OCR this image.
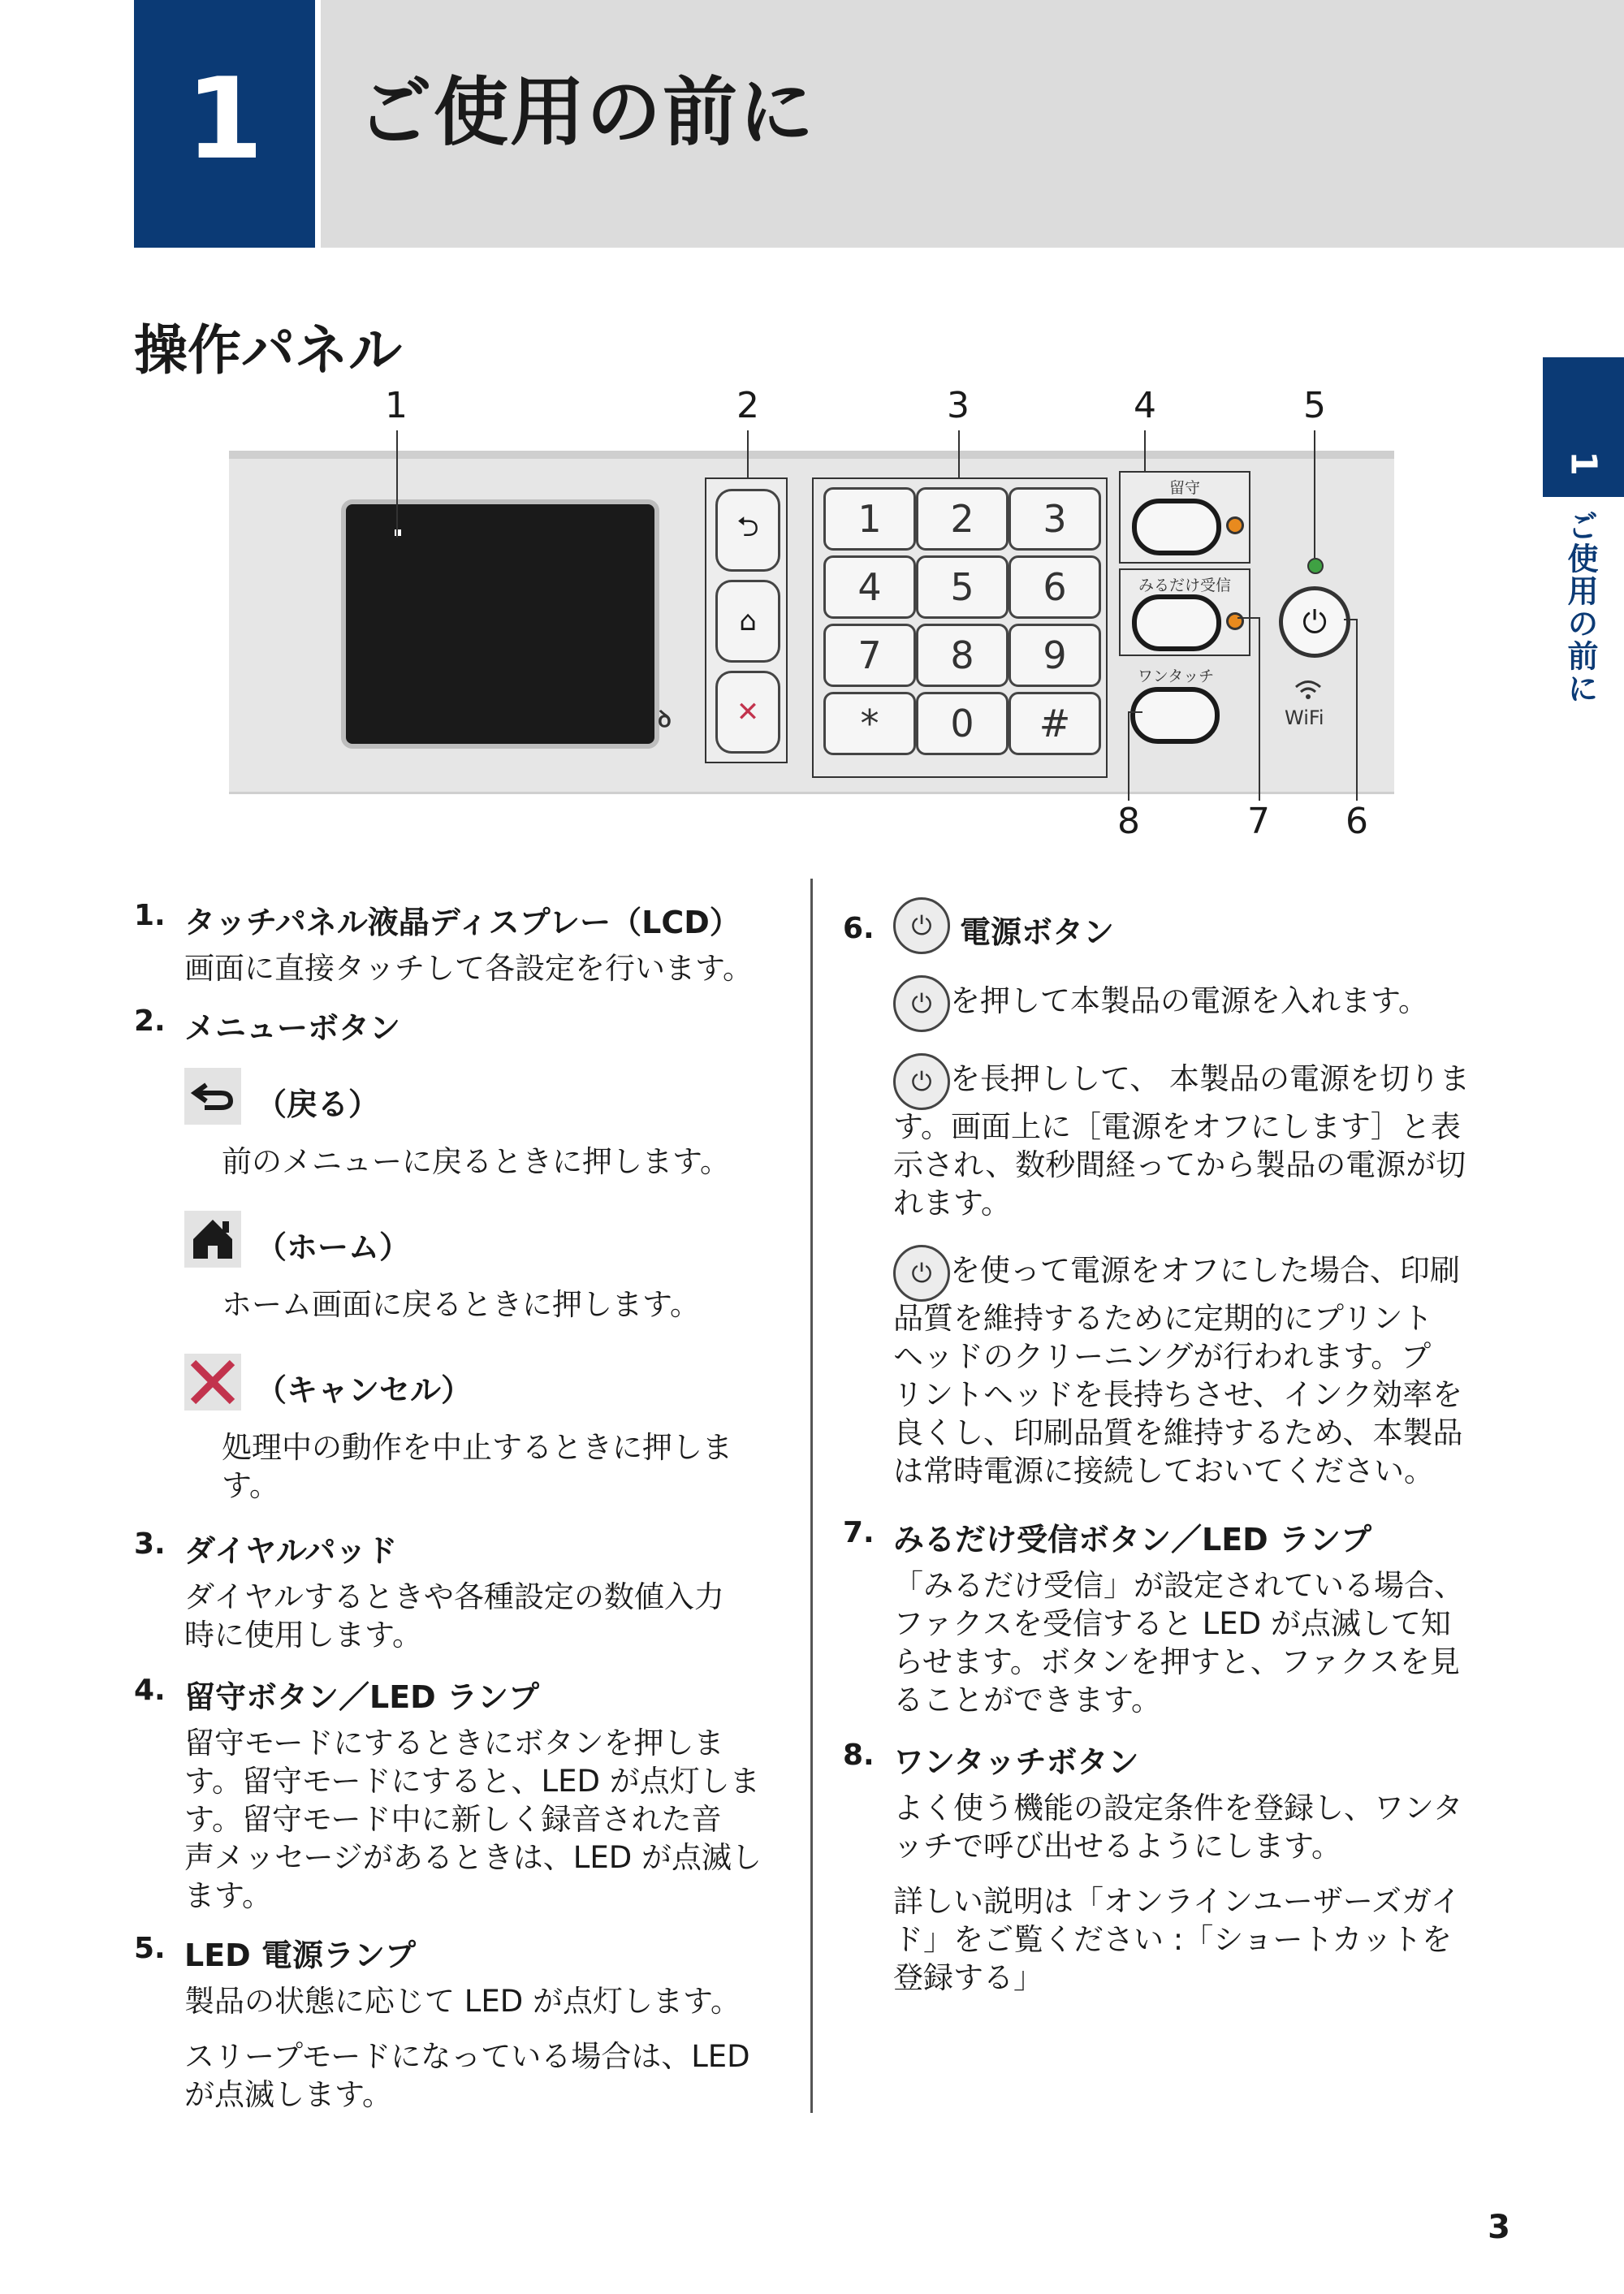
1	ご使用の前に
1
ご使用の前に
操作パネル
1	2	3	4	5
8	7	6
ꝺ
⮌
⌂
✕
1	2	3
4	5	6
7	8	9
*	0	#
留守
みるだけ受信
ワンタッチ
⏻
WiFi
1. タッチパネル液晶ディスプレー（LCD）
画面に直接タッチして各設定を行います。
2. メニューボタン
（戻る）
前のメニューに戻るときに押します。
（ホーム）
ホーム画面に戻るときに押します。
（キャンセル）
処理中の動作を中止するときに押しま
す。
3. ダイヤルパッド
ダイヤルするときや各種設定の数値入力
時に使用します。
4. 留守ボタン／LED ランプ
留守モードにするときにボタンを押しま
す。留守モードにすると、LED が点灯しま
す。留守モード中に新しく録音された音
声メッセージがあるときは、LED が点滅し
ます。
5. LED 電源ランプ
製品の状態に応じて LED が点灯します。
スリープモードになっている場合は、LED
が点滅します。
6.	⏻ 電源ボタン
⏻ を押して本製品の電源を入れます。
⏻ を長押しして、 本製品の電源を切りま
す。画面上に［電源をオフにします］と表
示され、数秒間経ってから製品の電源が切
れます。
⏻ を使って電源をオフにした場合、印刷
品質を維持するために定期的にプリント
ヘッドのクリーニングが行われます。プ
リントヘッドを長持ちさせ、インク効率を
良くし、印刷品質を維持するため、本製品
は常時電源に接続しておいてください。
7. みるだけ受信ボタン／LED ランプ
「みるだけ受信」が設定されている場合、
ファクスを受信すると LED が点滅して知
らせます。ボタンを押すと、ファクスを見
ることができます。
8. ワンタッチボタン
よく使う機能の設定条件を登録し、ワンタ
ッチで呼び出せるようにします。
詳しい説明は「オンラインユーザーズガイ
ド」をご覧ください :「ショートカットを
登録する」
3
